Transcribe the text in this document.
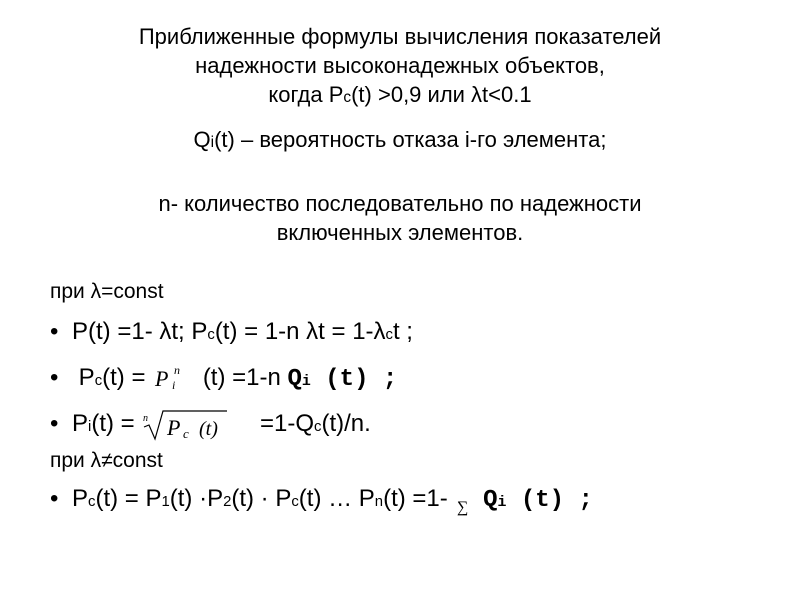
Приближенные формулы вычисления показателей
надежности высоконадежных объектов,
когда Рс(t) >0,9 или λt<0.1
Qi(t) – вероятность отказа i-го элемента;
n- количество последовательно по надежности
включенных элементов.
при λ=const
• Р(t) =1- λt; Рс(t) = 1-n λt = 1-λсt ;
• Рс(t) = P i
n (t) =1-n Qi (t) ;
• Рi(t) = n P c (t) =1-Qс(t)/n.
при λ≠const
• Рс(t) = Р1(t) ·Р2(t) · Рс(t) … Рn(t) =1- ∑ Qi (t) ;
